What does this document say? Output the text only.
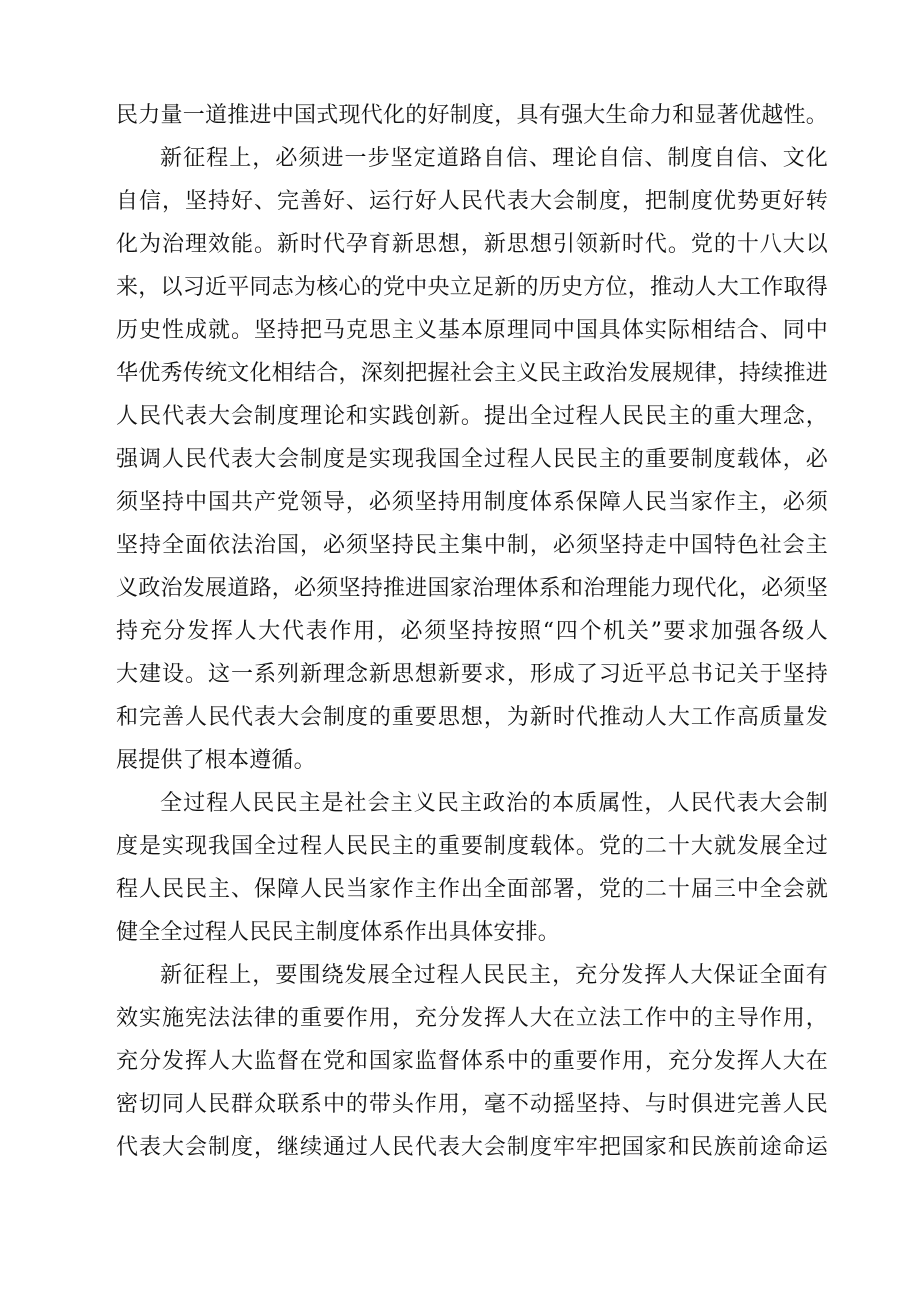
民力量一道推进中国式现代化的好制度，具有强大生命力和显著优越性。
新征程上，必须进一步坚定道路自信、理论自信、制度自信、文化
自信，坚持好、完善好、运行好人民代表大会制度，把制度优势更好转
化为治理效能。新时代孕育新思想，新思想引领新时代。党的十八大以
来，以习近平同志为核心的党中央立足新的历史方位，推动人大工作取得
历史性成就。坚持把马克思主义基本原理同中国具体实际相结合、同中
华优秀传统文化相结合，深刻把握社会主义民主政治发展规律，持续推进
人民代表大会制度理论和实践创新。提出全过程人民民主的重大理念，
强调人民代表大会制度是实现我国全过程人民民主的重要制度载体，必
须坚持中国共产党领导，必须坚持用制度体系保障人民当家作主，必须
坚持全面依法治国，必须坚持民主集中制，必须坚持走中国特色社会主
义政治发展道路，必须坚持推进国家治理体系和治理能力现代化，必须坚
持充分发挥人大代表作用，必须坚持按照“四个机关”要求加强各级人
大建设。这一系列新理念新思想新要求，形成了习近平总书记关于坚持
和完善人民代表大会制度的重要思想，为新时代推动人大工作高质量发
展提供了根本遵循。
全过程人民民主是社会主义民主政治的本质属性，人民代表大会制
度是实现我国全过程人民民主的重要制度载体。党的二十大就发展全过
程人民民主、保障人民当家作主作出全面部署，党的二十届三中全会就
健全全过程人民民主制度体系作出具体安排。
新征程上，要围绕发展全过程人民民主，充分发挥人大保证全面有
效实施宪法法律的重要作用，充分发挥人大在立法工作中的主导作用，
充分发挥人大监督在党和国家监督体系中的重要作用，充分发挥人大在
密切同人民群众联系中的带头作用，毫不动摇坚持、与时俱进完善人民
代表大会制度，继续通过人民代表大会制度牢牢把国家和民族前途命运
